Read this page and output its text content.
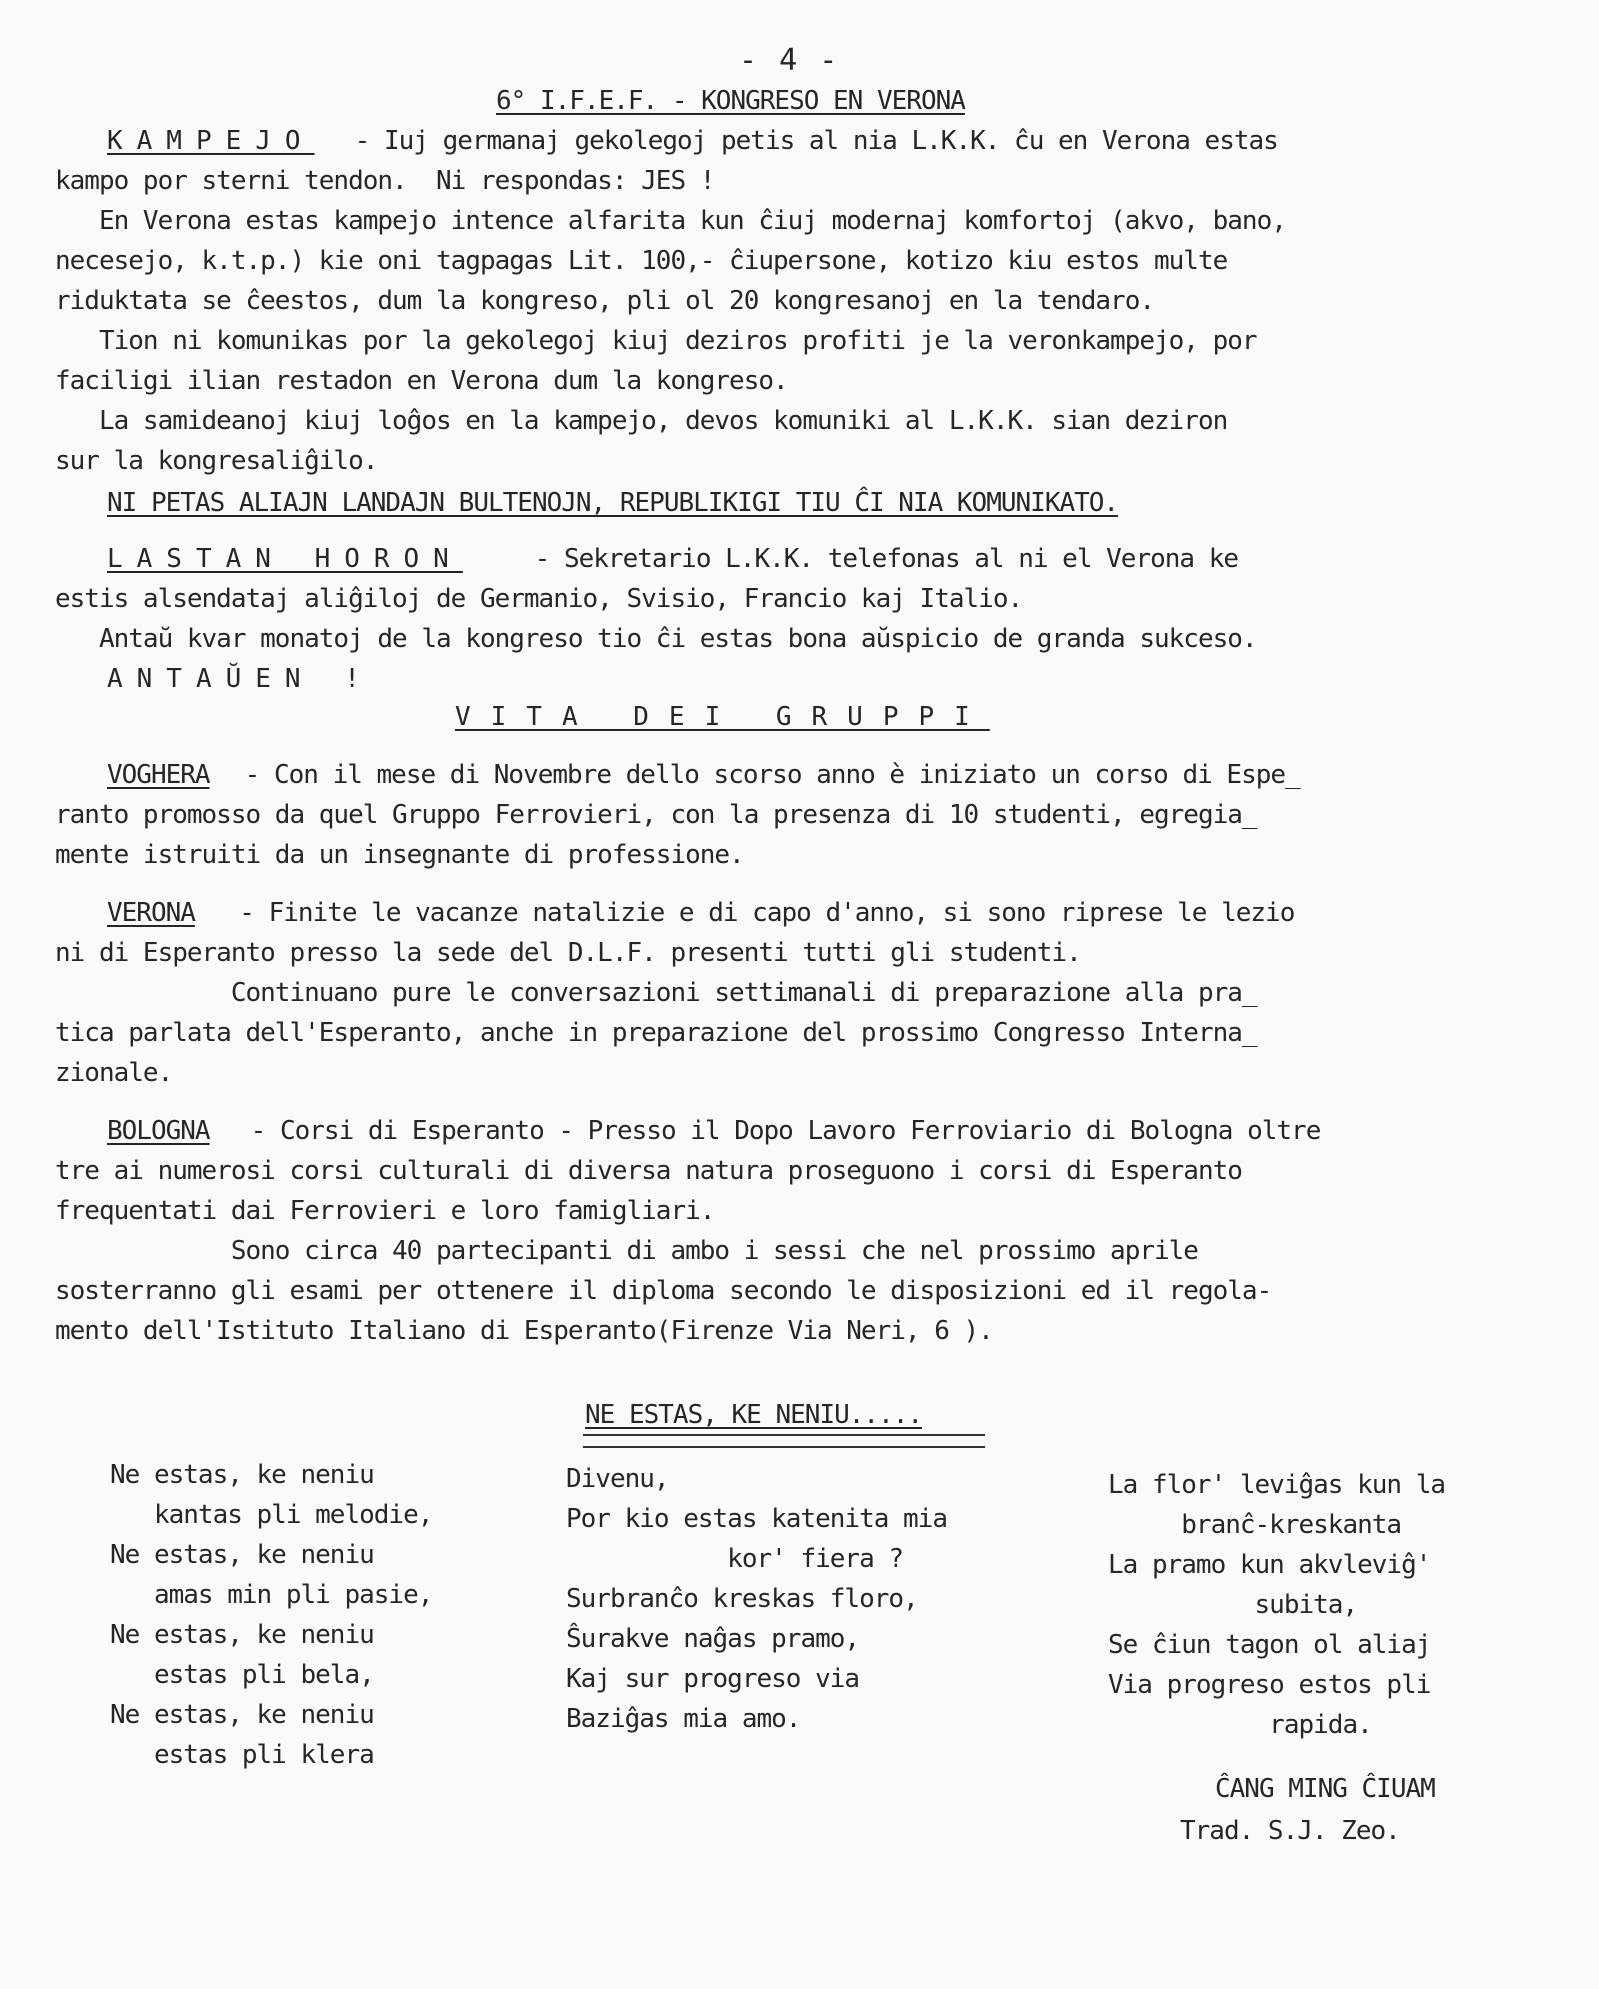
- 4 -
6° I.F.E.F. - KONGRESO EN VERONA
KAMPEJO - Iuj germanaj gekolegoj petis al nia L.K.K. ĉu en Verona estas
kampo por sterni tendon.  Ni respondas: JES !
En Verona estas kampejo intence alfarita kun ĉiuj modernaj komfortoj (akvo, bano,
necesejo, k.t.p.) kie oni tagpagas Lit. 100,- ĉiupersone, kotizo kiu estos multe
riduktata se ĉeestos, dum la kongreso, pli ol 20 kongresanoj en la tendaro.
Tion ni komunikas por la gekolegoj kiuj deziros profiti je la veronkampejo, por
faciligi ilian restadon en Verona dum la kongreso.
La samideanoj kiuj loĝos en la kampejo, devos komuniki al L.K.K. sian deziron
sur la kongresaliĝilo.
NI PETAS ALIAJN LANDAJN BULTENOJN, REPUBLIKIGI TIU ĈI NIA KOMUNIKATO.
LASTAN HORON - Sekretario L.K.K. telefonas al ni el Verona ke
estis alsendataj aliĝiloj de Germanio, Svisio, Francio kaj Italio.
Antaŭ kvar monatoj de la kongreso tio ĉi estas bona aŭspicio de granda sukceso.
ANTAŬEN !
VITA DEI GRUPPI
VOGHERA - Con il mese di Novembre dello scorso anno è iniziato un corso di Espe_
ranto promosso da quel Gruppo Ferrovieri, con la presenza di 10 studenti, egregia_
mente istruiti da un insegnante di professione.
VERONA - Finite le vacanze natalizie e di capo d'anno, si sono riprese le lezio
ni di Esperanto presso la sede del D.L.F. presenti tutti gli studenti.
Continuano pure le conversazioni settimanali di preparazione alla pra_
tica parlata dell'Esperanto, anche in preparazione del prossimo Congresso Interna_
zionale.
BOLOGNA - Corsi di Esperanto - Presso il Dopo Lavoro Ferroviario di Bologna oltre
tre ai numerosi corsi culturali di diversa natura proseguono i corsi di Esperanto
frequentati dai Ferrovieri e loro famigliari.
Sono circa 40 partecipanti di ambo i sessi che nel prossimo aprile
sosterranno gli esami per ottenere il diploma secondo le disposizioni ed il regola-
mento dell'Istituto Italiano di Esperanto(Firenze Via Neri, 6 ).
NE ESTAS, KE NENIU.....
Ne estas, ke neniu
kantas pli melodie,
Ne estas, ke neniu
amas min pli pasie,
Ne estas, ke neniu
estas pli bela,
Ne estas, ke neniu
estas pli klera
Divenu,
Por kio estas katenita mia
kor' fiera ?
Surbranĉo kreskas floro,
Ŝurakve naĝas pramo,
Kaj sur progreso via
Baziĝas mia amo.
La flor' leviĝas kun la
branĉ-kreskanta
La pramo kun akvleviĝ'
subita,
Se ĉiun tagon ol aliaj
Via progreso estos pli
rapida.
ĈANG MING ĈIUAM
Trad. S.J. Zeo.
